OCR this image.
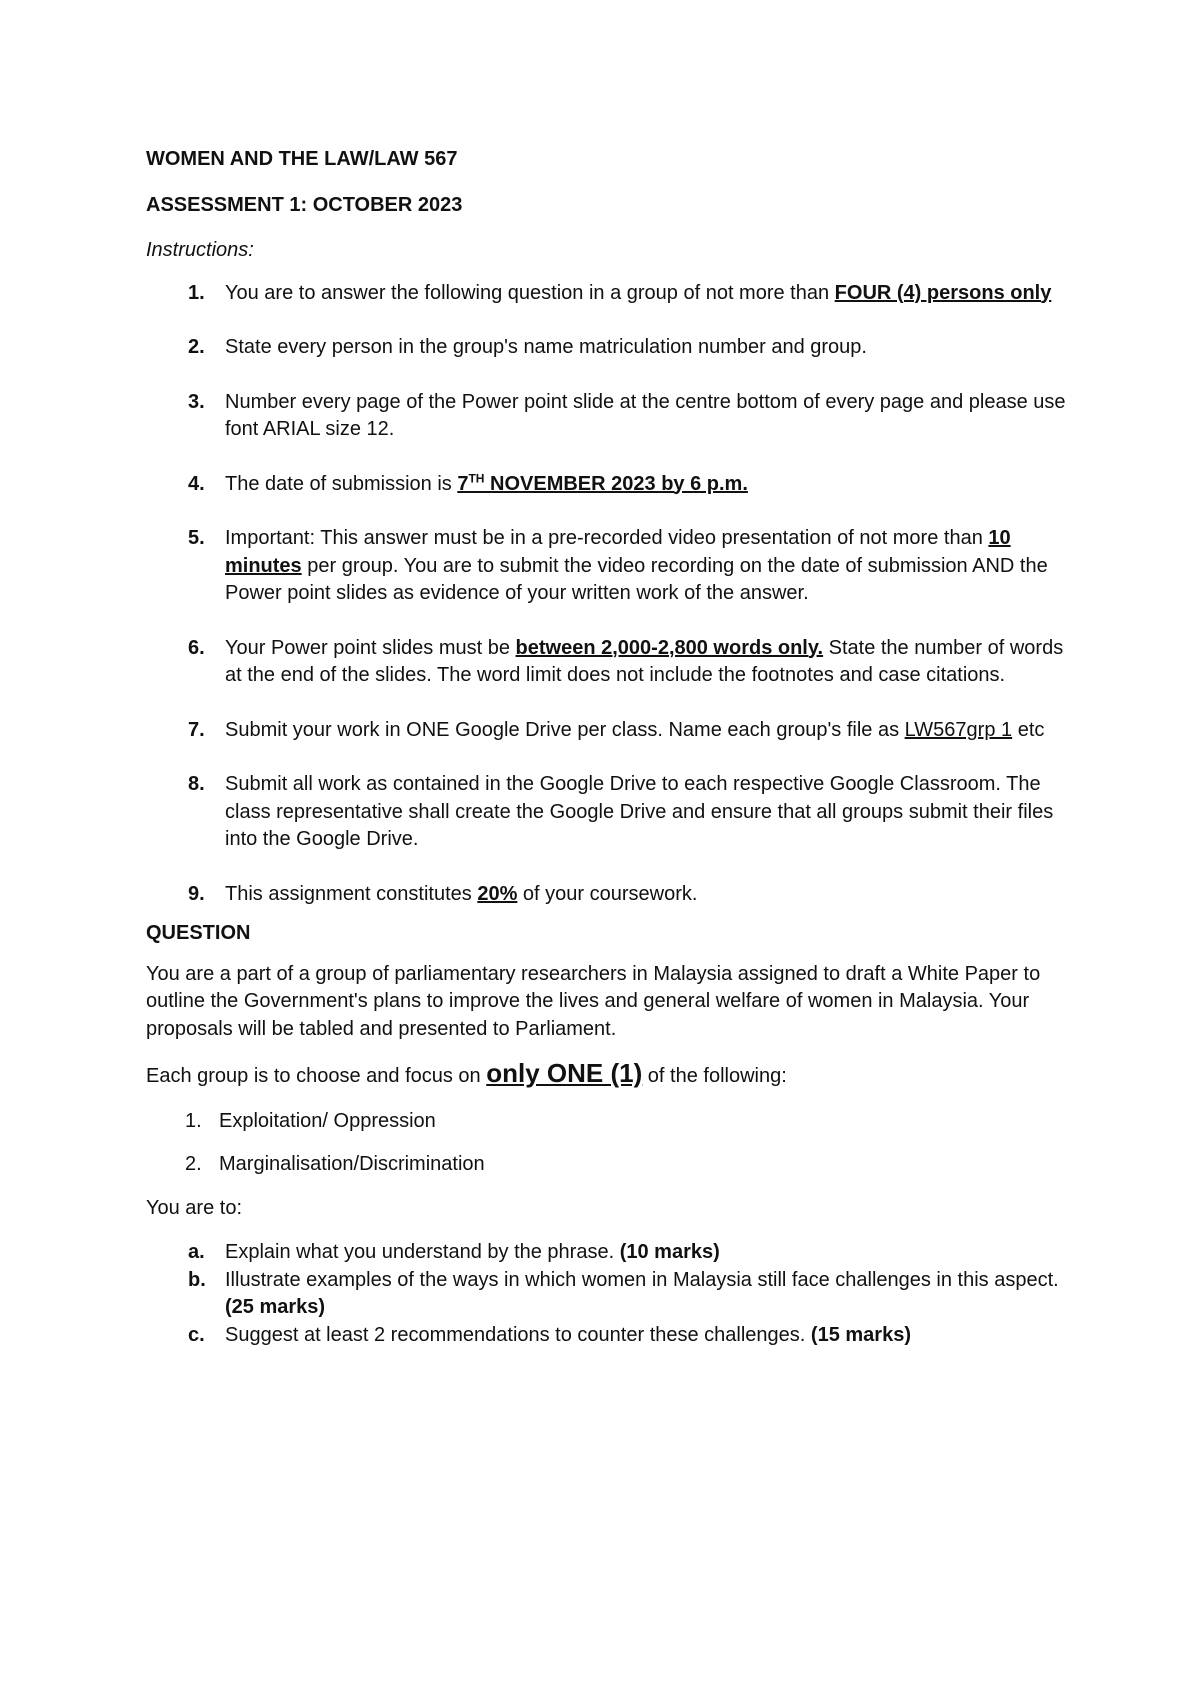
WOMEN AND THE LAW/LAW 567
ASSESSMENT 1: OCTOBER 2023
Instructions:
1. You are to answer the following question in a group of not more than FOUR (4) persons only
2. State every person in the group's name matriculation number and group.
3. Number every page of the Power point slide at the centre bottom of every page and please use font ARIAL size 12.
4. The date of submission is 7TH NOVEMBER 2023 by 6 p.m.
5. Important: This answer must be in a pre-recorded video presentation of not more than 10 minutes per group. You are to submit the video recording on the date of submission AND the Power point slides as evidence of your written work of the answer.
6. Your Power point slides must be between 2,000-2,800 words only. State the number of words at the end of the slides. The word limit does not include the footnotes and case citations.
7. Submit your work in ONE Google Drive per class. Name each group's file as LW567grp 1 etc
8. Submit all work as contained in the Google Drive to each respective Google Classroom. The class representative shall create the Google Drive and ensure that all groups submit their files into the Google Drive.
9. This assignment constitutes 20% of your coursework.
QUESTION
You are a part of a group of parliamentary researchers in Malaysia assigned to draft a White Paper to outline the Government's plans to improve the lives and general welfare of women in Malaysia. Your proposals will be tabled and presented to Parliament.
Each group is to choose and focus on only ONE (1) of the following:
1. Exploitation/ Oppression
2. Marginalisation/Discrimination
You are to:
a. Explain what you understand by the phrase. (10 marks)
b. Illustrate examples of the ways in which women in Malaysia still face challenges in this aspect. (25 marks)
c. Suggest at least 2 recommendations to counter these challenges. (15 marks)
